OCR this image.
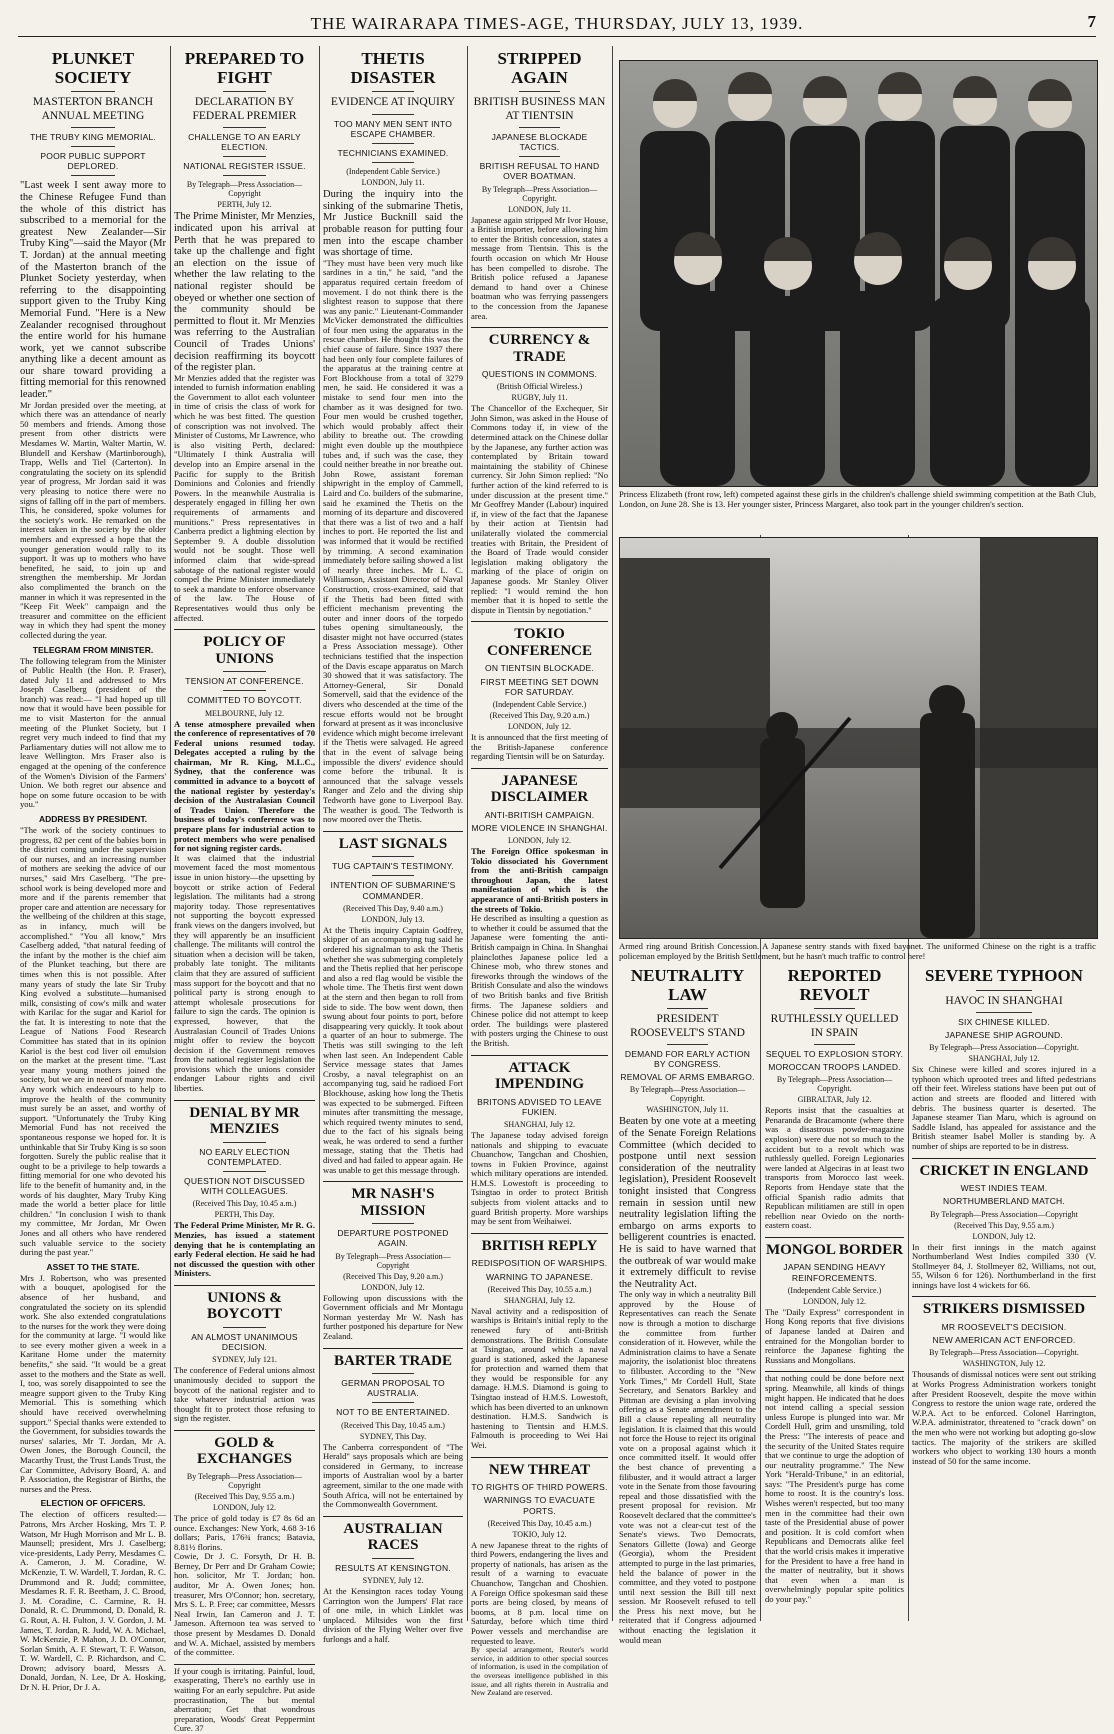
THE WAIRARAPA TIMES-AGE, THURSDAY, JULY 13, 1939.	7
PLUNKET SOCIETY
MASTERTON BRANCH ANNUAL MEETING
THE TRUBY KING MEMORIAL.
POOR PUBLIC SUPPORT DEPLORED.

"Last week I sent away more to the Chinese Refugee Fund than the whole of this district has subscribed to a memorial for the greatest New Zealander—Sir Truby King"—said the Mayor (Mr T. Jordan) at the annual meeting of the Masterton branch of the Plunket Society yesterday, when referring to the disappointing support given to the Truby King Memorial Fund. "Here is a New Zealander recognised throughout the entire world for his humane work, yet we cannot subscribe anything like a decent amount as our share toward providing a fitting memorial for this renowned leader."

Mr Jordan presided over the meeting, at which there was an attendance of nearly 50 members and friends. Among those present from other districts were Mesdames W. Martin, Walter Martin, W. Blundell and Kershaw (Martinborough), Trapp, Wells and Tiel (Carterton). In congratulating the society on its splendid year of progress, Mr Jordan said it was very pleasing to notice there were no signs of falling off in the part of members. This, he considered, spoke volumes for the society's work. He remarked on the interest taken in the society by the older members and expressed a hope that the younger generation would rally to its support. It was up to mothers who have benefited, he said, to join up and strengthen the membership. Mr Jordan also complimented the branch on the manner in which it was represented in the "Keep Fit Week" campaign and the treasurer and committee on the efficient way in which they had spent the money collected during the year.

TELEGRAM FROM MINISTER.

The following telegram from the Minister of Public Health (the Hon. P. Fraser), dated July 11 and addressed to Mrs Joseph Caselberg (president of the branch) was read:— "I had hoped up till now that it would have been possible for me to visit Masterton for the annual meeting of the Plunket Society, but I regret very much indeed to find that my Parliamentary duties will not allow me to leave Wellington. Mrs Fraser also is engaged at the opening of the conference of the Women's Division of the Farmers' Union. We both regret our absence and hope on some future occasion to be with you."

ADDRESS BY PRESIDENT.

"The work of the society continues to progress, 82 per cent of the babies born in the district coming under the supervision of our nurses, and an increasing number of mothers are seeking the advice of our nurses," said Mrs Caselberg. "The pre-school work is being developed more and more and if the parents remember that proper care and attention are necessary for the wellbeing of the children at this stage, as in infancy, much will be accomplished." "You all know," Mrs Caselberg added, "that natural feeding of the infant by the mother is the chief aim of the Plunket teaching, but there are times when this is not possible. After many years of study the late Sir Truby King evolved a substitute—humanised milk, consisting of cow's milk and water with Karilac for the sugar and Kariol for the fat. It is interesting to note that the League of Nations Food Research Committee has stated that in its opinion Kariol is the best cod liver oil emulsion on the market at the present time. "Last year many young mothers joined the society, but we are in need of many more. Any work which endeavours to help to improve the health of the community must surely be an asset, and worthy of support. "Unfortunately the Truby King Memorial Fund has not received the spontaneous response we hoped for. It is unthinkable that Sir Truby King is so soon forgotten. Surely the public realise that it ought to be a privilege to help towards a fitting memorial for one who devoted his life to the benefit of humanity and, in the words of his daughter, Mary Truby King made the world a better place for little children.' "In conclusion I wish to thank my committee, Mr Jordan, Mr Owen Jones and all others who have rendered such valuable service to the society during the past year."

ASSET TO THE STATE.

Mrs J. Robertson, who was presented with a bouquet, apologised for the absence of her husband, and congratulated the society on its splendid work. She also extended congratulations to the nurses for the work they were doing for the community at large. "I would like to see every mother given a week in a Karitane Home under the maternity benefits," she said. "It would be a great asset to the mothers and the State as well. I, too, was sorely disappointed to see the meagre support given to the Truby King Memorial. This is something which should have received overwhelming support." Special thanks were extended to the Government, for subsidies towards the nurses' salaries, Mr T. Jordan, Mr A. Owen Jones, the Borough Council, the Macarthy Trust, the Trust Lands Trust, the Car Committee, Advisory Board, A. and P. Association, the Registrar of Births, the nurses and the Press.

ELECTION OF OFFICERS.

The election of officers resulted:— Patrons, Mrs Archer Hosking, Mrs T. P. Watson, Mr Hugh Morrison and Mr L. B. Maunsell; president, Mrs J. Caselberg; vice-presidents, Lady Perry, Mesdames C. A. Cameron, J. M. Coradine, W. McKenzie, T. W. Wardell, T. Jordan, R. C. Drummond and R. Judd; committee, Mesdames R. F. R. Beetham, J. C. Brood, J. M. Coradine, C. Carmine, R. H. Donald, R. C. Drummond, D. Donald, R. G. Rout, A. H. Fulton, J. V. Gordon, J. M. James, T. Jordan, R. Judd, W. A. Michael, W. McKenzie, P. Mahon, J. D. O'Connor, Sorlan Smith, A. F. Stewart, T. F. Watson, T. W. Wardell, C. P. Richardson, and C. Drown; advisory board, Messrs A. Donald, Jordan, N. Lee, Dr A. Hosking, Dr N. H. Prior, Dr J. A.

PREPARED TO FIGHT
DECLARATION BY FEDERAL PREMIER
CHALLENGE TO AN EARLY ELECTION.
NATIONAL REGISTER ISSUE.
By Telegraph—Press Association—Copyright
PERTH, July 12.

The Prime Minister, Mr Menzies, indicated upon his arrival at Perth that he was prepared to take up the challenge and fight an election on the issue of whether the law relating to the national register should be obeyed or whether one section of the community should be permitted to flout it. Mr Menzies was referring to the Australian Council of Trades Unions' decision reaffirming its boycott of the register plan.

Mr Menzies added that the register was intended to furnish information enabling the Government to allot each volunteer in time of crisis the class of work for which he was best fitted. The question of conscription was not involved. The Minister of Customs, Mr Lawrence, who is also visiting Perth, declared: "Ultimately I think Australia will develop into an Empire arsenal in the Pacific for supply to the British Dominions and Colonies and friendly Powers. In the meanwhile Australia is desperately engaged in filling her own requirements of armaments and munitions." Press representatives in Canberra predict a lightning election by September 9. A double dissolution would not be sought. Those well informed claim that wide-spread sabotage of the national register would compel the Prime Minister immediately to seek a mandate to enforce observance of the law. The House of Representatives would thus only be affected.

POLICY OF UNIONS
TENSION AT CONFERENCE.
COMMITTED TO BOYCOTT.
MELBOURNE, July 12.

A tense atmosphere prevailed when the conference of representatives of 70 Federal unions resumed today. Delegates accepted a ruling by the chairman, Mr R. King, M.L.C., Sydney, that the conference was committed in advance to a boycott of the national register by yesterday's decision of the Australasian Council of Trades Union. Therefore the business of today's conference was to prepare plans for industrial action to protect members who were penalised for not signing register cards.

It was claimed that the industrial movement faced the most momentous issue in union history—the upsetting by boycott or strike action of Federal legislation. The militants had a strong majority today. Those representatives not supporting the boycott expressed frank views on the dangers involved, but they will apparently be an insufficient challenge. The militants will control the situation when a decision will be taken, probably late tonight. The militants claim that they are assured of sufficient mass support for the boycott and that no political party is strong enough to attempt wholesale prosecutions for failure to sign the cards. The opinion is expressed, however, that the Australasian Council of Trades Unions might offer to review the boycott decision if the Government removes from the national register legislation the provisions which the unions consider endanger Labour rights and civil liberties.

DENIAL BY MR MENZIES
NO EARLY ELECTION CONTEMPLATED.
QUESTION NOT DISCUSSED WITH COLLEAGUES.
(Received This Day, 10.45 a.m.)
PERTH, This Day.

The Federal Prime Minister, Mr R. G. Menzies, has issued a statement denying that he is contemplating an early Federal election. He said he had not discussed the question with other Ministers.

UNIONS & BOYCOTT
AN ALMOST UNANIMOUS DECISION.
SYDNEY, July 121.

The conference of Federal unions almost unanimously decided to support the boycott of the national register and to take whatever industrial action was thought fit to protect those refusing to sign the register.

GOLD & EXCHANGES
By Telegraph—Press Association—Copyright
(Received This Day, 9.55 a.m.)
LONDON, July 12.

The price of gold today is £7 8s 6d an ounce. Exchanges: New York, 4.68 3-16 dollars; Paris, 176¾ francs; Batavia, 8.81½ florins.

Cowie, Dr J. C. Forsyth, Dr H. B. Berney, Dr Perr and Dr Graham Cowie; hon. solicitor, Mr T. Jordan; hon. auditor, Mr A. Owen Jones; hon. treasurer, Mrs O'Connor; hon. secretary, Mrs S. L. P. Free; car committee, Messrs Neal Irwin, Ian Cameron and J. T. Jameson. Afternoon tea was served to those present by Mesdames D. Donald and W. A. Michael, assisted by members of the committee.

If your cough is irritating. Painful, loud, exasperating, There's no earthly use in waiting For an early sepulchre. Put aside procrastination, The but mental aberration; Get that wondrous preparation, Woods' Great Peppermint Cure. 37

THETIS DISASTER
EVIDENCE AT INQUIRY
TOO MANY MEN SENT INTO ESCAPE CHAMBER.
TECHNICIANS EXAMINED.
(Independent Cable Service.)
LONDON, July 11.

During the inquiry into the sinking of the submarine Thetis, Mr Justice Bucknill said the probable reason for putting four men into the escape chamber was shortage of time.

"They must have been very much like sardines in a tin," he said, "and the apparatus required certain freedom of movement. I do not think there is the slightest reason to suppose that there was any panic." Lieutenant-Commander McVicker demonstrated the difficulties of four men using the apparatus in the rescue chamber. He thought this was the chief cause of failure. Since 1937 there had been only four complete failures of the apparatus at the training centre at Fort Blockhouse from a total of 3279 men, he said. He considered it was a mistake to send four men into the chamber as it was designed for two. Four men would be crushed together, which would probably affect their ability to breathe out. The crowding might even double up the mouthpiece tubes and, if such was the case, they could neither breathe in nor breathe out. John Rowe, assistant foreman shipwright in the employ of Cammell, Laird and Co. builders of the submarine, said he examined the Thetis on the morning of its departure and discovered that there was a list of two and a half inches to port. He reported the list and was informed that it would be rectified by trimming. A second examination immediately before sailing showed a list of nearly three inches. Mr L. C. Williamson, Assistant Director of Naval Construction, cross-examined, said that if the Thetis had been fitted with efficient mechanism preventing the outer and inner doors of the torpedo tubes opening simultaneously, the disaster might not have occurred (states a Press Association message). Other technicians testified that the inspection of the Davis escape apparatus on March 30 showed that it was satisfactory. The Attorney-General, Sir Donald Somervell, said that the evidence of the divers who descended at the time of the rescue efforts would not be brought forward at present as it was inconclusive evidence which might become irrelevant if the Thetis were salvaged. He agreed that in the event of salvage being impossible the divers' evidence should come before the tribunal. It is announced that the salvage vessels Ranger and Zelo and the diving ship Tedworth have gone to Liverpool Bay. The weather is good. The Tedworth is now moored over the Thetis.

LAST SIGNALS
TUG CAPTAIN'S TESTIMONY.
INTENTION OF SUBMARINE'S COMMANDER.
(Received This Day, 9.40 a.m.)
LONDON, July 13.

At the Thetis inquiry Captain Godfrey, skipper of an accompanying tug said he ordered his signalman to ask the Thetis whether she was submerging completely and the Thetis replied that her periscope and also a red flag would be visible the whole time. The Thetis first went down at the stern and then began to roll from side to side. The bow went down, then swung about four points to port, before disappearing very quickly. It took about a quarter of an hour to submerge. The Thetis was still swinging to the left when last seen. An Independent Cable Service message states that James Crosby, a naval telegraphist on an accompanying tug, said he radioed Fort Blockhouse, asking how long the Thetis was expected to be submerged. Fifteen minutes after transmitting the message, which required twenty minutes to send, due to the fact of his signals being weak, he was ordered to send a further message, stating that the Thetis had dived and had failed to appear again. He was unable to get this message through.

MR NASH'S MISSION
DEPARTURE POSTPONED AGAIN.
By Telegraph—Press Association—Copyright
(Received This Day, 9.20 a.m.)
LONDON, July 12.

Following upon discussions with the Government officials and Mr Montagu Norman yesterday Mr W. Nash has further postponed his departure for New Zealand.

BARTER TRADE
GERMAN PROPOSAL TO AUSTRALIA.
NOT TO BE ENTERTAINED.
(Received This Day, 10.45 a.m.)
SYDNEY, This Day.

The Canberra correspondent of "The Herald" says proposals which are being considered in Germany, to increase imports of Australian wool by a barter agreement, similar to the one made with South Africa, will not be entertained by the Commonwealth Government.

AUSTRALIAN RACES
RESULTS AT KENSINGTON.
SYDNEY, July 12.

At the Kensington races today Young Carrington won the Jumpers' Flat race of one mile, in which Linklet was unplaced. Miltsides won the first division of the Flying Welter over five furlongs and a half.

STRIPPED AGAIN
BRITISH BUSINESS MAN AT TIENTSIN
JAPANESE BLOCKADE TACTICS.
BRITISH REFUSAL TO HAND OVER BOATMAN.
By Telegraph—Press Association—Copyright.
LONDON, July 11.

Japanese again stripped Mr Ivor House, a British importer, before allowing him to enter the British concession, states a message from Tientsin. This is the fourth occasion on which Mr House has been compelled to disrobe. The British police refused a Japanese demand to hand over a Chinese boatman who was ferrying passengers to the concession from the Japanese area.

CURRENCY & TRADE
QUESTIONS IN COMMONS.
(British Official Wireless.)
RUGBY, July 11.

The Chancellor of the Exchequer, Sir John Simon, was asked in the House of Commons today if, in view of the determined attack on the Chinese dollar by the Japanese, any further action was contemplated by Britain toward maintaining the stability of Chinese currency. Sir John Simon replied: "No further action of the kind referred to is under discussion at the present time." Mr Geoffrey Mander (Labour) inquired if, in view of the fact that the Japanese by their action at Tientsin had unilaterally violated the commercial treaties with Britain, the President of the Board of Trade would consider legislation making obligatory the marking of the place of origin on Japanese goods. Mr Stanley Oliver replied: "I would remind the hon member that it is hoped to settle the dispute in Tientsin by negotiation."

TOKIO CONFERENCE
ON TIENTSIN BLOCKADE.
FIRST MEETING SET DOWN FOR SATURDAY.
(Independent Cable Service.)
(Received This Day, 9.20 a.m.)
LONDON, July 12.

It is announced that the first meeting of the British-Japanese conference regarding Tientsin will be on Saturday.

JAPANESE DISCLAIMER
ANTI-BRITISH CAMPAIGN.
MORE VIOLENCE IN SHANGHAI.
LONDON, July 12.

The Foreign Office spokesman in Tokio dissociated his Government from the anti-British campaign throughout Japan, the latest manifestation of which is the appearance of anti-British posters in the streets of Tokio.

He described as insulting a question as to whether it could be assumed that the Japanese were fomenting the anti-British campaign in China. In Shanghai plainclothes Japanese police led a Chinese mob, who threw stones and fireworks through the windows of the British Consulate and also the windows of two British banks and five British firms. The Japanese soldiers and Chinese police did not attempt to keep order. The buildings were plastered with posters urging the Chinese to oust the British.

ATTACK IMPENDING
BRITONS ADVISED TO LEAVE FUKIEN.
SHANGHAI, July 12.

The Japanese today advised foreign nationals and shipping to evacuate Chuanchow, Tangchan and Choshien, towns in Fukien Province, against which military operations are intended. H.M.S. Lowestoft is proceeding to Tsingtao in order to protect British subjects from violent attacks and to guard British property. More warships may be sent from Weihaiwei.

BRITISH REPLY
REDISPOSITION OF WARSHIPS.
WARNING TO JAPANESE.
(Received This Day, 10.55 a.m.)
SHANGHAI, July 12.

Naval activity and a redisposition of warships is Britain's initial reply to the renewed fury of anti-British demonstrations. The British Consulate at Tsingtao, around which a naval guard is stationed, asked the Japanese for protection and warned them that they would be responsible for any damage. H.M.S. Diamond is going to Tsingtao instead of H.M.S. Lowestoft, which has been diverted to an unknown destination. H.M.S. Sandwich is hastening to Tientsin and H.M.S. Falmouth is proceeding to Wei Hai Wei.

NEW THREAT
TO RIGHTS OF THIRD POWERS.
WARNINGS TO EVACUATE PORTS.
(Received This Day, 10.45 a.m.)
TOKIO, July 12.

A new Japanese threat to the rights of third Powers, endangering the lives and property of nationals, has arisen as the result of a warning to evacuate Chuanchow, Tangchan and Choshien. A Foreign Office spokesman said these ports are being closed, by means of booms, at 8 p.m. local time on Saturday, before which time third Power vessels and merchandise are requested to leave.

By special arrangement, Reuter's world service, in addition to other special sources of information, is used in the compilation of the overseas intelligence published in this issue, and all rights therein in Australia and New Zealand are reserved.

Princess Elizabeth (front row, left) competed against these girls in the children's challenge shield swimming competition at the Bath Club, London, on June 28. She is 13. Her younger sister, Princess Margaret, also took part in the younger children's section.
Armed ring around British Concession. A Japanese sentry stands with fixed bayonet. The uniformed Chinese on the right is a traffic policeman employed by the British Settlement, but he hasn't much traffic to control here!
NEUTRALITY LAW
PRESIDENT ROOSEVELT'S STAND
DEMAND FOR EARLY ACTION BY CONGRESS.
REMOVAL OF ARMS EMBARGO.
By Telegraph—Press Association—Copyright.
WASHINGTON, July 11.

Beaten by one vote at a meeting of the Senate Foreign Relations Committee (which decided to postpone until next session consideration of the neutrality legislation), President Roosevelt tonight insisted that Congress remain in session until new neutrality legislation lifting the embargo on arms exports to belligerent countries is enacted. He is said to have warned that the outbreak of war would make it extremely difficult to revise the Neutrality Act.

The only way in which a neutrality Bill approved by the House of Representatives can reach the Senate now is through a motion to discharge the committee from further consideration of it. However, while the Administration claims to have a Senate majority, the isolationist bloc threatens to filibuster. According to the "New York Times," Mr Cordell Hull, State Secretary, and Senators Barkley and Pittman are devising a plan involving offering as a Senate amendment to the Bill a clause repealing all neutrality legislation. It is claimed that this would not force the House to reject its original vote on a proposal against which it once committed itself. It would offer the best chance of preventing a filibuster, and it would attract a larger vote in the Senate from those favouring repeal and those dissatisfied with the present proposal for revision. Mr Roosevelt declared that the committee's vote was not a clear-cut test of the Senate's views. Two Democrats, Senators Gillette (Iowa) and George (Georgia), whom the President attempted to purge in the last primaries, held the balance of power in the committee, and they voted to postpone until next session the Bill till next session. Mr Roosevelt refused to tell the Press his next move, but he reiterated that if Congress adjourned without enacting the legislation it would mean

REPORTED REVOLT
RUTHLESSLY QUELLED IN SPAIN
SEQUEL TO EXPLOSION STORY.
MOROCCAN TROOPS LANDED.
By Telegraph—Press Association—Copyright.
GIBRALTAR, July 12.

Reports insist that the casualties at Penaranda de Bracamonte (where there was a disastrous powder-magazine explosion) were due not so much to the accident but to a revolt which was ruthlessly quelled. Foreign Legionaries were landed at Algeciras in at least two transports from Morocco last week. Reports from Hendaye state that the official Spanish radio admits that Republican militiamen are still in open rebellion near Oviedo on the north-eastern coast.

MONGOL BORDER
JAPAN SENDING HEAVY REINFORCEMENTS.
(Independent Cable Service.)
LONDON, July 12.

The "Daily Express" correspondent in Hong Kong reports that five divisions of Japanese landed at Dairen and entrained for the Mongolian border to reinforce the Japanese fighting the Russians and Mongolians.

that nothing could be done before next spring. Meanwhile, all kinds of things might happen. He indicated that he does not intend calling a special session unless Europe is plunged into war. Mr Cordell Hull, grim and unsmiling, told the Press: "The interests of peace and the security of the United States require that we continue to urge the adoption of our neutrality programme." The New York "Herald-Tribune," in an editorial, says: "The President's purge has come home to roost. It is the country's loss. Wishes weren't respected, but too many men in the committee had their own taste of the Presidential abuse of power and position. It is cold comfort when Republicans and Democrats alike feel that the world crisis makes it imperative for the President to have a free hand in the matter of neutrality, but it shows that even when a man is overwhelmingly popular spite politics do your pay."

SEVERE TYPHOON
HAVOC IN SHANGHAI
SIX CHINESE KILLED.
JAPANESE SHIP AGROUND.
By Telegraph—Press Association—Copyright.
SHANGHAI, July 12.

Six Chinese were killed and scores injured in a typhoon which uprooted trees and lifted pedestrians off their feet. Wireless stations have been put out of action and streets are flooded and littered with debris. The business quarter is deserted. The Japanese steamer Tian Maru, which is aground on Saddle Island, has appealed for assistance and the British steamer Isabel Moller is standing by. A number of ships are reported to be in distress.

CRICKET IN ENGLAND
WEST INDIES TEAM.
NORTHUMBERLAND MATCH.
By Telegraph—Press Association—Copyright
(Received This Day, 9.55 a.m.)
LONDON, July 12.

In their first innings in the match against Northumberland West Indies compiled 330 (V. Stollmeyer 84, J. Stollmeyer 82, Williams, not out, 55, Wilson 6 for 126). Northumberland in the first innings have lost 4 wickets for 66.

STRIKERS DISMISSED
MR ROOSEVELT'S DECISION.
NEW AMERICAN ACT ENFORCED.
By Telegraph—Press Association—Copyright.
WASHINGTON, July 12.

Thousands of dismissal notices were sent out striking at Works Progress Administration workers tonight after President Roosevelt, despite the move within Congress to restore the union wage rate, ordered the W.P.A. Act to be enforced. Colonel Harrington, W.P.A. administrator, threatened to "crack down" on the men who were not working but adopting go-slow tactics. The majority of the strikers are skilled workers who object to working 130 hours a month instead of 50 for the same income.
